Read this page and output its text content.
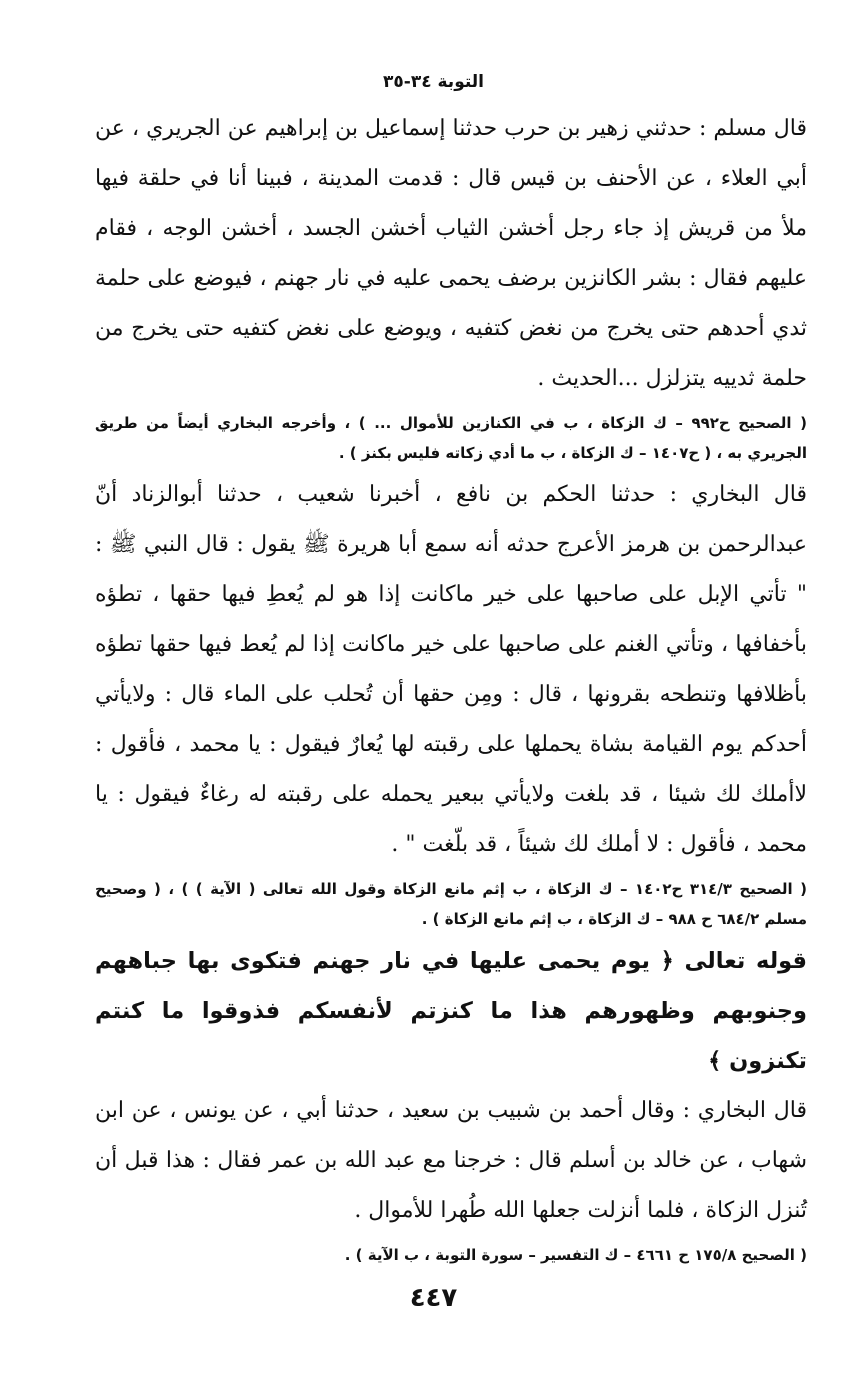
التوبة ٣٤-٣٥

قال مسلم : حدثني زهير بن حرب حدثنا إسماعيل بن إبراهيم عن الجريري ، عن أبي العلاء ، عن الأحنف بن قيس قال : قدمت المدينة ، فبينا أنا في حلقة فيها ملأ من قريش إذ جاء رجل أخشن الثياب أخشن الجسد ، أخشن الوجه ، فقام عليهم فقال : بشر الكانزين برضف يحمى عليه في نار جهنم ، فيوضع على حلمة ثدي أحدهم حتى يخرج من نغض كتفيه ، ويوضع على نغض كتفيه حتى يخرج من حلمة ثدييه يتزلزل ...الحديث .

( الصحيح ح٩٩٢ – ك الزكاة ، ب في الكنازين للأموال ... ) ، وأخرجه البخاري أيضاً من طريق الجريري به ، ( ح١٤٠٧ – ك الزكاة ، ب ما أدي زكاته فليس بكنز ) .

قال البخاري : حدثنا الحكم بن نافع ، أخبرنا شعيب ، حدثنا أبوالزناد أنّ عبدالرحمن بن هرمز الأعرج حدثه أنه سمع أبا هريرة ﷺ يقول : قال النبي ﷺ : " تأتي الإبل على صاحبها على خير ماكانت إذا هو لم يُعطِ فيها حقها ، تطؤه بأخفافها ، وتأتي الغنم على صاحبها على خير ماكانت إذا لم يُعط فيها حقها تطؤه بأظلافها وتنطحه بقرونها ، قال : ومِن حقها أن تُحلب على الماء قال : ولايأتي أحدكم يوم القيامة بشاة يحملها على رقبته لها يُعارٌ فيقول : يا محمد ، فأقول : لاأملك لك شيئا ، قد بلغت ولايأتي ببعير يحمله على رقبته له رغاءٌ فيقول : يا محمد ، فأقول : لا أملك لك شيئاً ، قد بلّغت " .

( الصحيح ٣١٤/٣ ح١٤٠٢ – ك الزكاة ، ب إثم مانع الزكاة وقول الله تعالى ( الآية ) ) ، ( وصحيح مسلم ٦٨٤/٢ ح ٩٨٨ – ك الزكاة ، ب إثم مانع الزكاة ) .

قوله تعالى ﴿ يوم يحمى عليها في نار جهنم فتكوى بها جباههم وجنوبهم وظهورهم هذا ما كنزتم لأنفسكم فذوقوا ما كنتم تكنزون ﴾

قال البخاري : وقال أحمد بن شبيب بن سعيد ، حدثنا أبي ، عن يونس ، عن ابن شهاب ، عن خالد بن أسلم قال : خرجنا مع عبد الله بن عمر فقال : هذا قبل أن تُنزل الزكاة ، فلما أنزلت جعلها الله طُهرا للأموال .

( الصحيح ١٧٥/٨ ح ٤٦٦١ – ك التفسير – سورة التوبة ، ب الآية ) .

٤٤٧
